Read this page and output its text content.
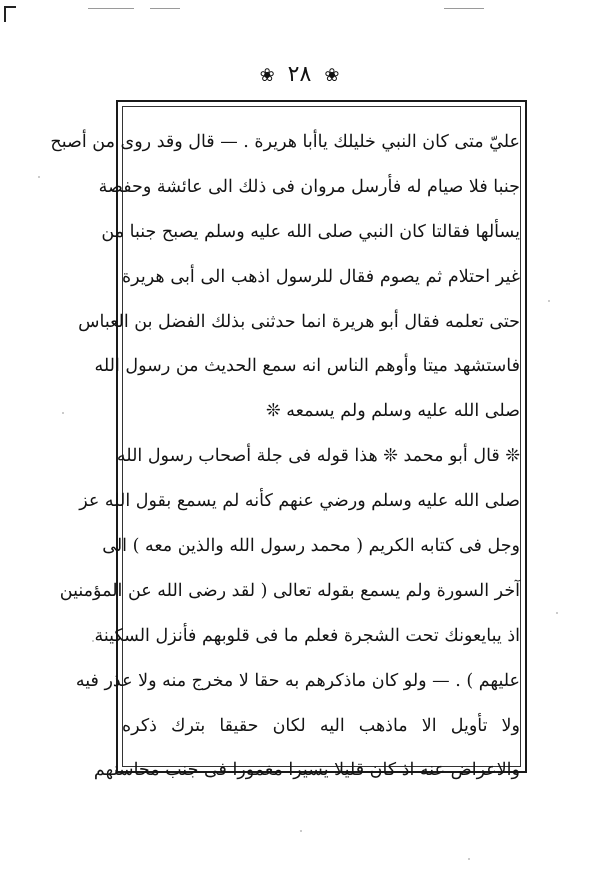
❀ ٢٨ ❀
عليّ متى كان النبي خليلك ياأبا هريرة . — قال وقد روى من أصبح
جنبا فلا صيام له فأرسل مروان فى ذلك الى عائشة وحفصة
يسألها فقالتا كان النبي صلى الله عليه وسلم يصبح جنبا من
غير احتلام ثم يصوم فقال للرسول اذهب الى أبى هريرة
حتى تعلمه فقال أبو هريرة انما حدثنى بذلك الفضل بن العباس
فاستشهد ميتا وأوهم الناس انه سمع الحديث من رسول الله
صلى الله عليه وسلم ولم يسمعه ❊
❊ قال أبو محمد ❊ هذا قوله فى جلة أصحاب رسول الله
صلى الله عليه وسلم ورضي عنهم كأنه لم يسمع بقول الله عز
وجل فى كتابه الكريم ( محمد رسول الله والذين معه ) الى
آخر السورة ولم يسمع بقوله تعالى ( لقد رضى الله عن المؤمنين
اذ يبايعونك تحت الشجرة فعلم ما فى قلوبهم فأنزل السكينة
عليهم ) . — ولو كان ماذكرهم به حقا لا مخرج منه ولا عذر فيه
ولا تأويل الا ماذهب اليه لكان حقيقا بترك ذكره
والاعراض عنه اذ كان قليلا يسيرا مغمورا فى جنب محاسنهم
